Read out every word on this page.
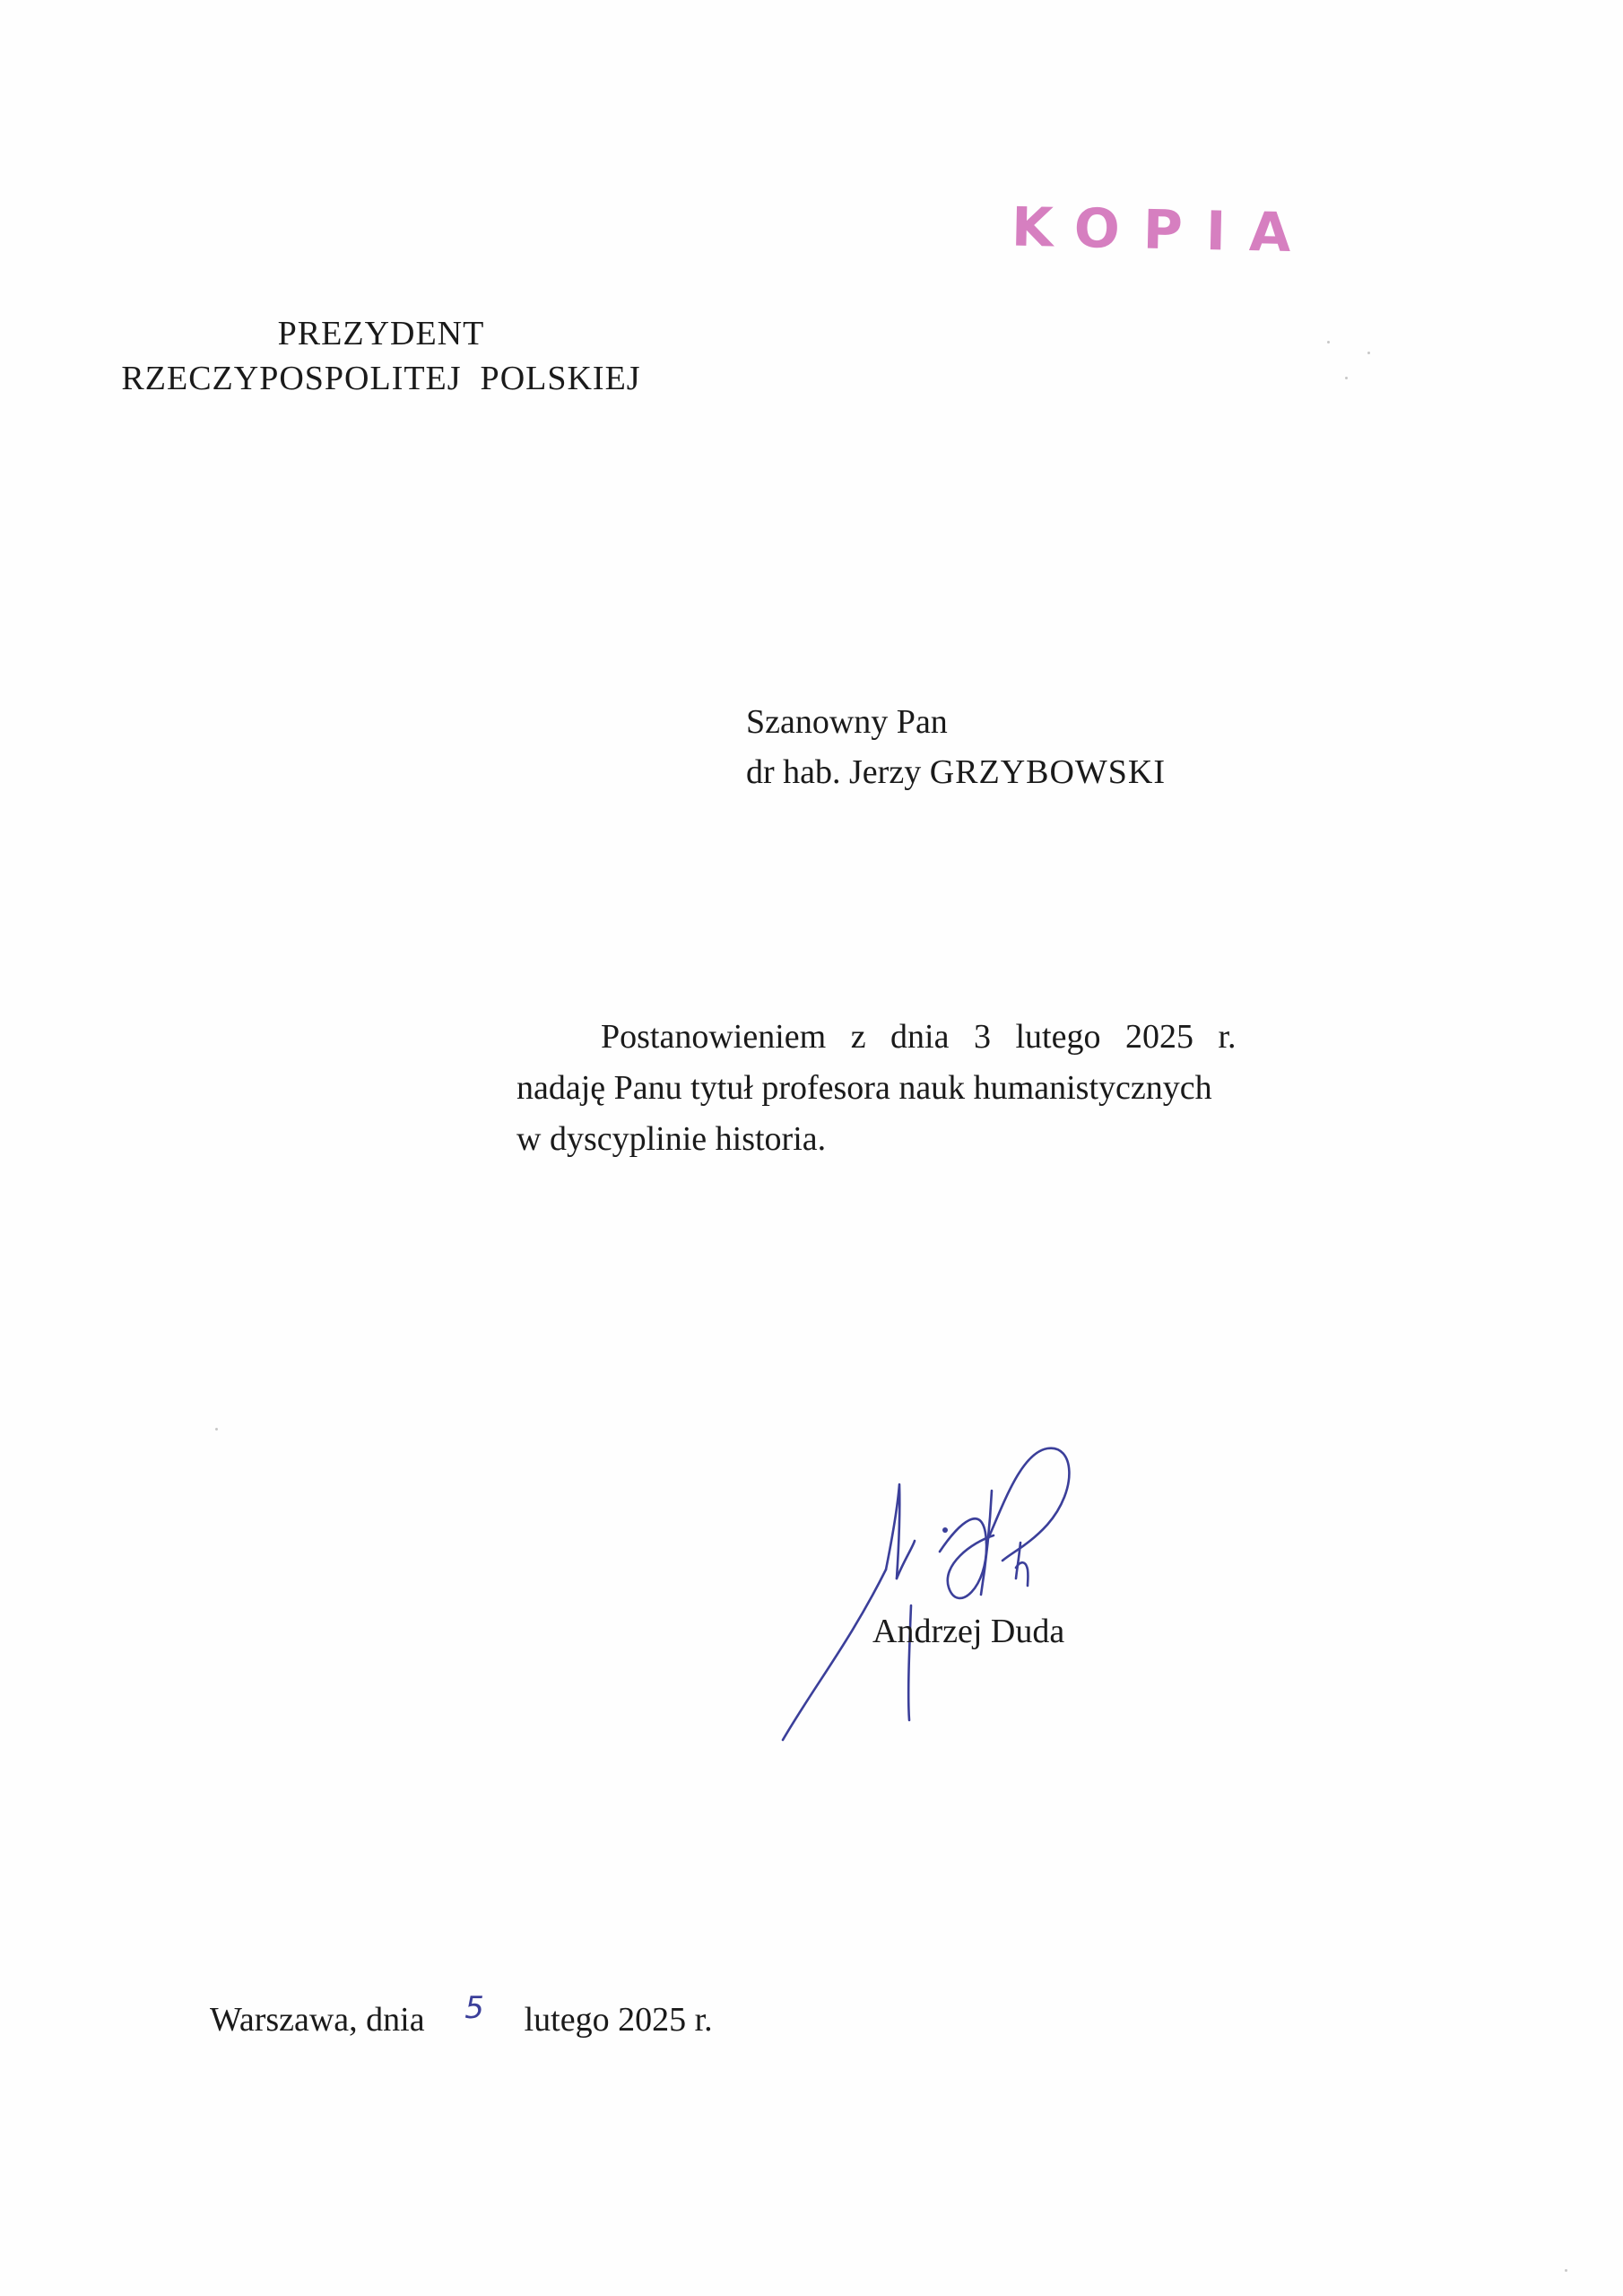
KOPIA
PREZYDENT
RZECZYPOSPOLITEJ  POLSKIEJ
Szanowny Pan
dr hab. Jerzy GRZYBOWSKI
Postanowieniem z dnia 3 lutego 2025 r.
nadaję Panu tytuł profesora nauk humanistycznych
w dyscyplinie historia.
Andrzej Duda
Warszawa, dnia 5 lutego 2025 r.
